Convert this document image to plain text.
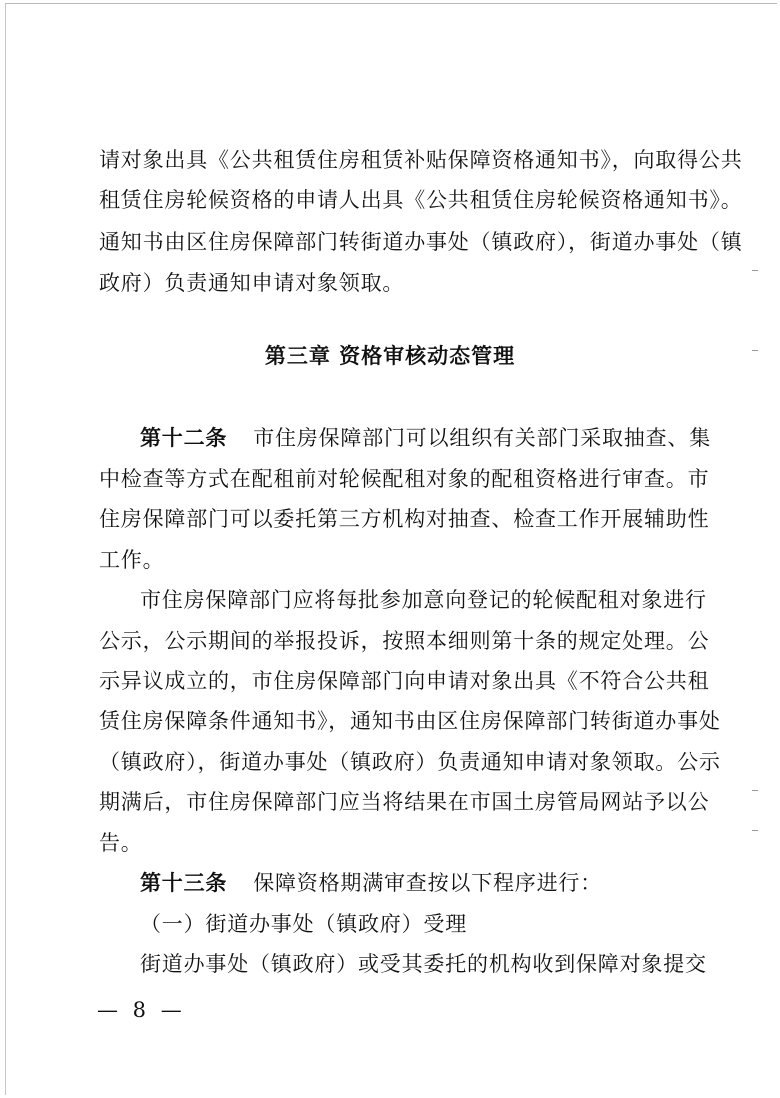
请对象出具《公共租赁住房租赁补贴保障资格通知书》，向取得公共
租赁住房轮候资格的申请人出具《公共租赁住房轮候资格通知书》。
通知书由区住房保障部门转街道办事处（镇政府），街道办事处（镇
政府）负责通知申请对象领取。
第三章 资格审核动态管理
第十二条 市住房保障部门可以组织有关部门采取抽查、集
中检查等方式在配租前对轮候配租对象的配租资格进行审查。市
住房保障部门可以委托第三方机构对抽查、检查工作开展辅助性
工作。
市住房保障部门应将每批参加意向登记的轮候配租对象进行
公示，公示期间的举报投诉，按照本细则第十条的规定处理。公
示异议成立的，市住房保障部门向申请对象出具《不符合公共租
赁住房保障条件通知书》，通知书由区住房保障部门转街道办事处
（镇政府），街道办事处（镇政府）负责通知申请对象领取。公示
期满后，市住房保障部门应当将结果在市国土房管局网站予以公
告。
第十三条 保障资格期满审查按以下程序进行：
（一）街道办事处（镇政府）受理
街道办事处（镇政府）或受其委托的机构收到保障对象提交
— 8 —
